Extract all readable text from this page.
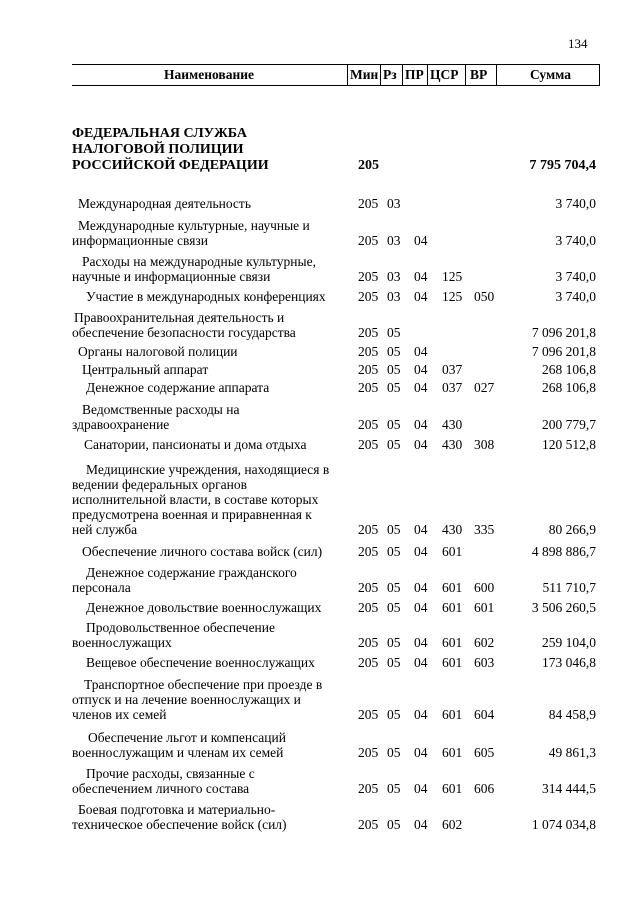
134
Наименование	Мин Рз ПР ЦСР ВР	Сумма
ФЕДЕРАЛЬНАЯ СЛУЖБА
НАЛОГОВОЙ ПОЛИЦИИ
РОССИЙСКОЙ ФЕДЕРАЦИИ	205	7 795 704,4
Международная деятельность	205 03	3 740,0
Международные культурные, научные и
информационные связи	205 03 04	3 740,0
Расходы на международные культурные,
научные и информационные связи	205 03 04 125	3 740,0
Участие в международных конференциях	205 03 04 125 050	3 740,0
Правоохранительная деятельность и
обеспечение безопасности государства	205 05	7 096 201,8
Органы налоговой полиции	205 05 04	7 096 201,8
Центральный аппарат	205 05 04 037	268 106,8
Денежное содержание аппарата	205 05 04 037 027	268 106,8
Ведомственные расходы на
здравоохранение	205 05 04 430	200 779,7
Санатории, пансионаты и дома отдыха	205 05 04 430 308	120 512,8
Медицинские учреждения, находящиеся в
ведении федеральных органов
исполнительной власти, в составе которых
предусмотрена военная и приравненная к
ней служба	205 05 04 430 335	80 266,9
Обеспечение личного состава войск (сил)	205 05 04 601	4 898 886,7
Денежное содержание гражданского
персонала	205 05 04 601 600	511 710,7
Денежное довольствие военнослужащих	205 05 04 601 601	3 506 260,5
Продовольственное обеспечение
военнослужащих	205 05 04 601 602	259 104,0
Вещевое обеспечение военнослужащих	205 05 04 601 603	173 046,8
Транспортное обеспечение при проезде в
отпуск и на лечение военнослужащих и
членов их семей	205 05 04 601 604	84 458,9
Обеспечение льгот и компенсаций
военнослужащим и членам их семей	205 05 04 601 605	49 861,3
Прочие расходы, связанные с
обеспечением личного состава	205 05 04 601 606	314 444,5
Боевая подготовка и материально-
техническое обеспечение войск (сил)	205 05 04 602	1 074 034,8
